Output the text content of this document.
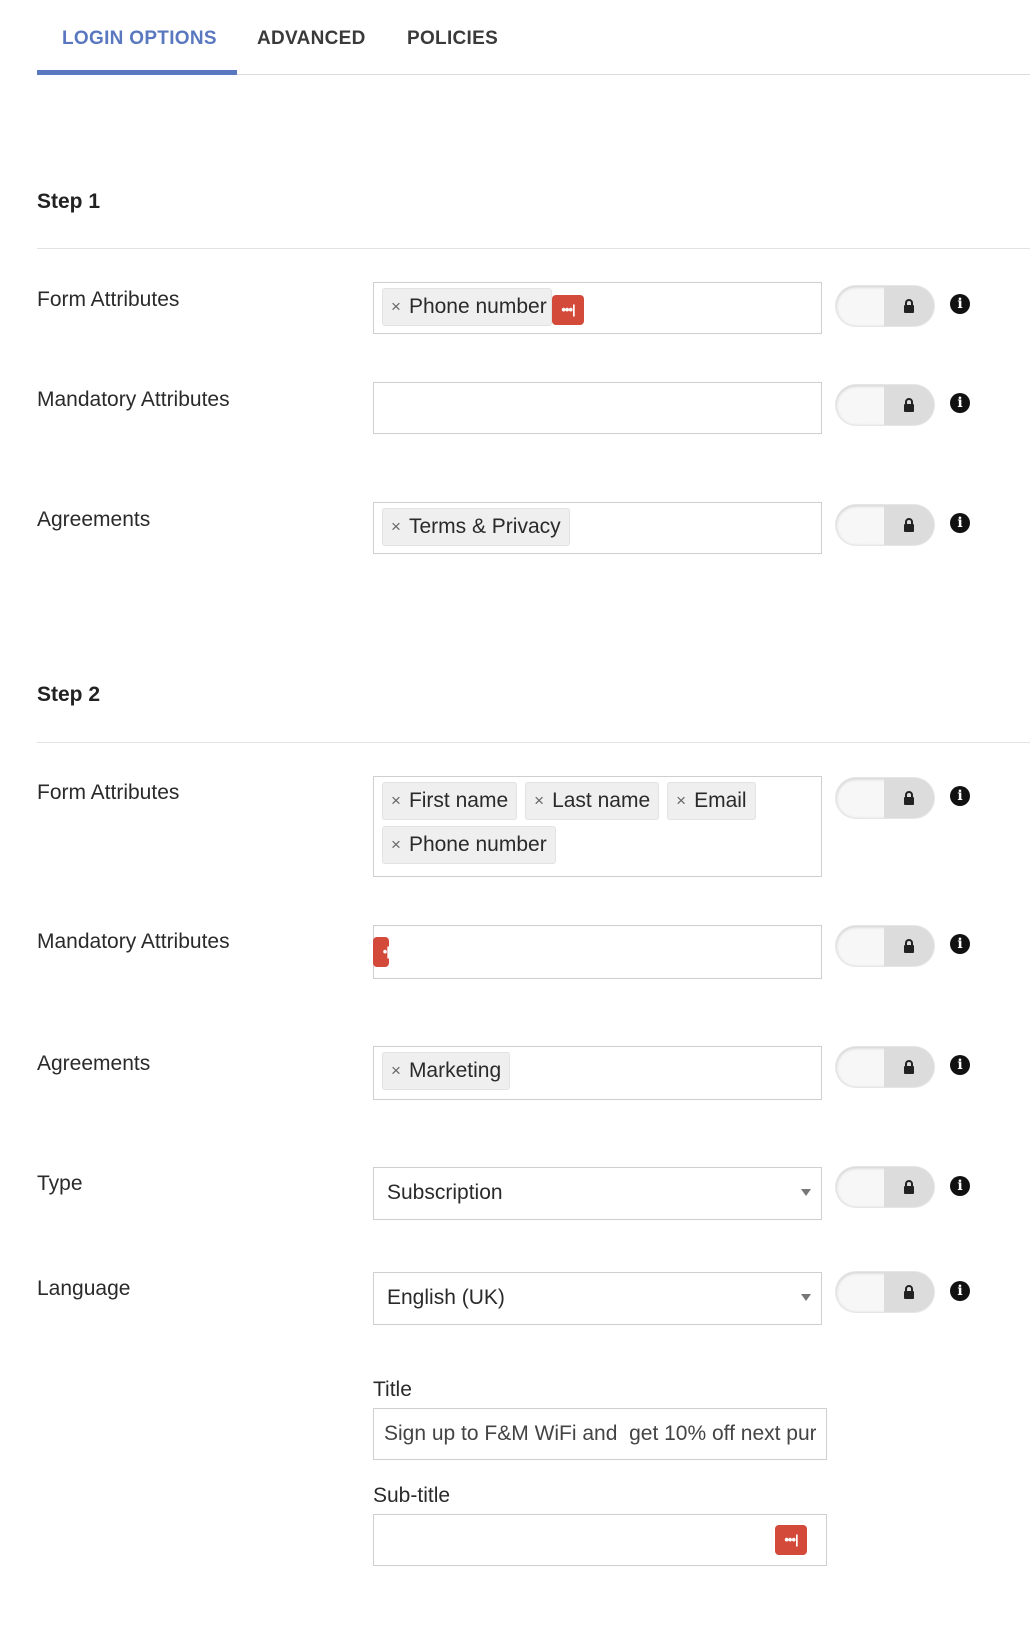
LOGIN OPTIONS ADVANCED POLICIES
Step 1
Form Attributes	× Phone number	•••|	i
Mandatory Attributes	i
Agreements	× Terms & Privacy	i
Step 2
Form Attributes	× First name × Last name × Email
× Phone number
i
Mandatory Attributes	•|	i
Agreements	× Marketing	i
Type	Subscription	i
Language	English (UK)	i
Title
Sign up to F&M WiFi and get 10% off next purchase
Sub-title
•••|
